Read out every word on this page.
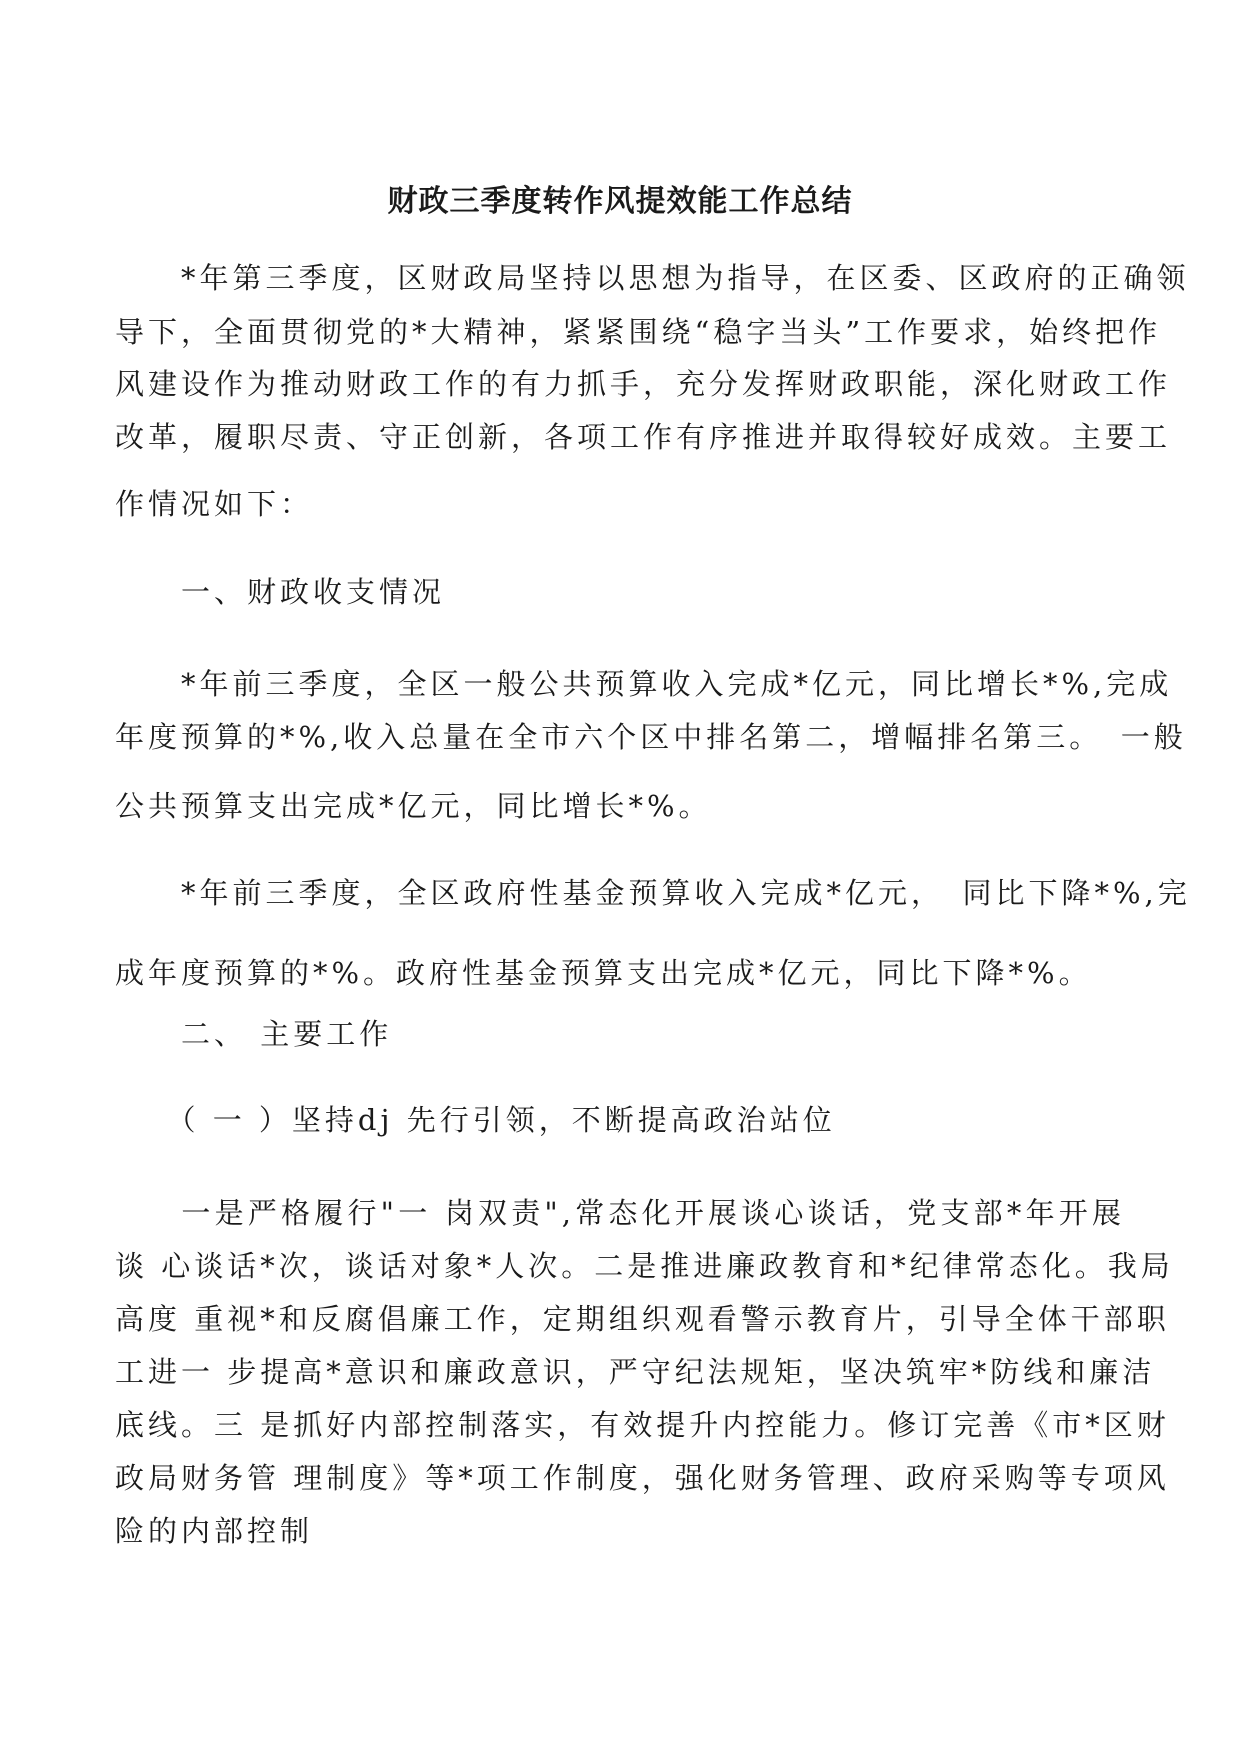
财政三季度转作风提效能工作总结
　　*年第三季度，区财政局坚持以思想为指导，在区委、区政府的正确领
导下，全面贯彻党的*大精神，紧紧围绕“稳字当头”工作要求，始终把作
风建设作为推动财政工作的有力抓手，充分发挥财政职能，深化财政工作
改革，履职尽责、守正创新，各项工作有序推进并取得较好成效。主要工
作情况如下：
　　一、财政收支情况
　　*年前三季度，全区一般公共预算收入完成*亿元，同比增长*%,完成
年度预算的*%,收入总量在全市六个区中排名第二，增幅排名第三。　一般
公共预算支出完成*亿元，同比增长*%。
　　*年前三季度，全区政府性基金预算收入完成*亿元，　同比下降*%,完
成年度预算的*%。政府性基金预算支出完成*亿元，同比下降*%。
　　二、 主要工作
　　（ 一 ）坚持dj 先行引领，不断提高政治站位
　　一是严格履行"一 岗双责",常态化开展谈心谈话，党支部*年开展
谈 心谈话*次，谈话对象*人次。二是推进廉政教育和*纪律常态化。我局
高度 重视*和反腐倡廉工作，定期组织观看警示教育片，引导全体干部职
工进一 步提高*意识和廉政意识，严守纪法规矩，坚决筑牢*防线和廉洁
底线。三 是抓好内部控制落实，有效提升内控能力。修订完善《市*区财
政局财务管 理制度》等*项工作制度，强化财务管理、政府采购等专项风
险的内部控制
